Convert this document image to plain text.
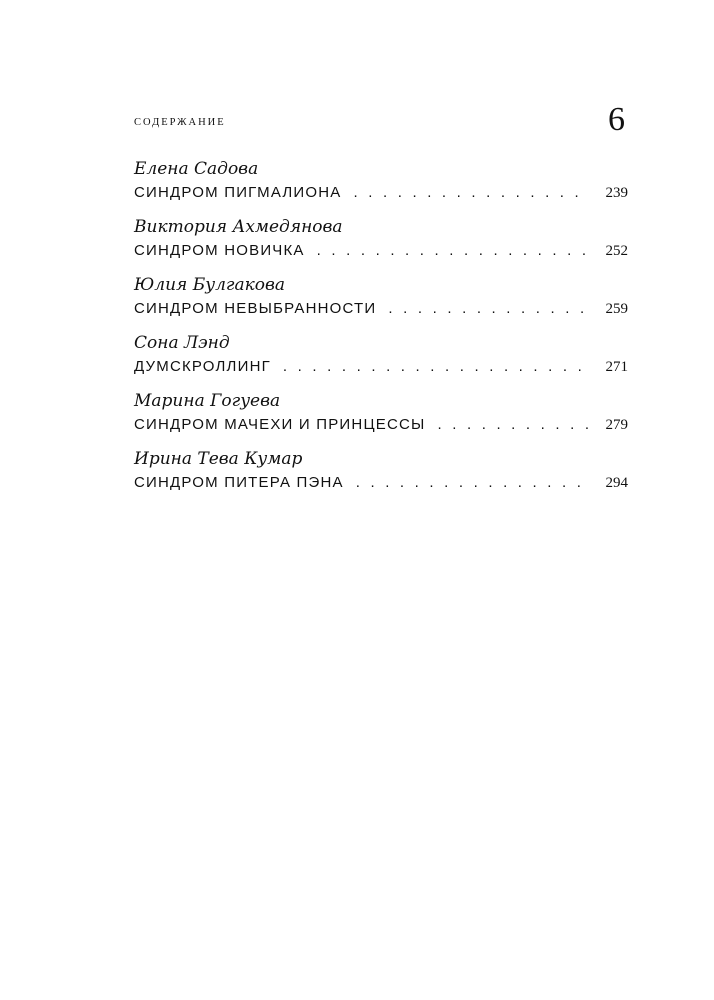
СОДЕРЖАНИЕ	6
Елена Садова
СИНДРОМ ПИГМАЛИОНА . . .	239
Виктория Ахмедянова
СИНДРОМ НОВИЧКА . . .	252
Юлия Булгакова
СИНДРОМ НЕВЫБРАННОСТИ . . .	259
Сона Лэнд
ДУМСКРОЛЛИНГ . . .	271
Марина Гогуева
СИНДРОМ МАЧЕХИ И ПРИНЦЕССЫ . . .	279
Ирина Тева Кумар
СИНДРОМ ПИТЕРА ПЭНА . . .	294
